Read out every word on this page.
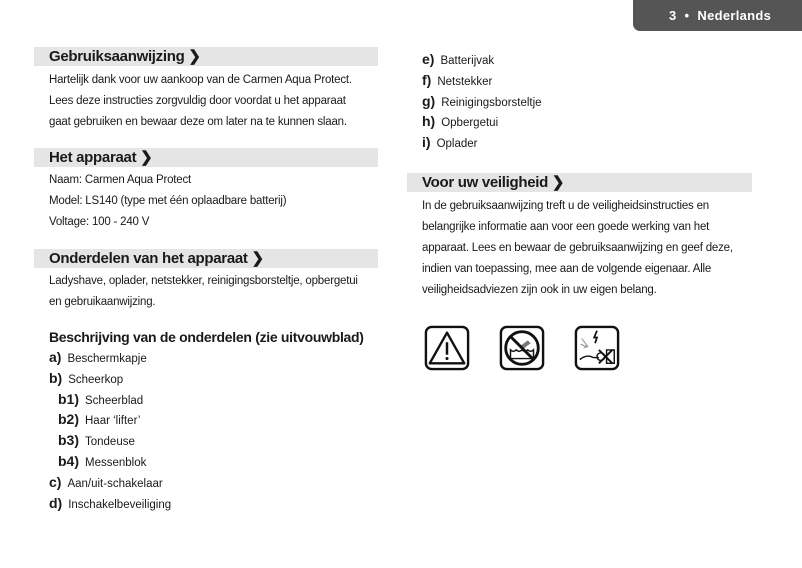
3 • Nederlands
Gebruiksaanwijzing ❯
Hartelijk dank voor uw aankoop van de Carmen Aqua Protect.
Lees deze instructies zorgvuldig door voordat u het apparaat
gaat gebruiken en bewaar deze om later na te kunnen slaan.
Het apparaat ❯
Naam: Carmen Aqua Protect
Model: LS140 (type met één oplaadbare batterij)
Voltage: 100 - 240 V
Onderdelen van het apparaat ❯
Ladyshave, oplader, netstekker, reinigingsborsteltje, opbergetui
en gebruikaanwijzing.
Beschrijving van de onderdelen (zie uitvouwblad)
a) Beschermkapje
b) Scheerkop
b1) Scheerblad
b2) Haar ‘lifter’
b3) Tondeuse
b4) Messenblok
c) Aan/uit-schakelaar
d) Inschakelbeveiliging
e) Batterijvak
f) Netstekker
g) Reinigingsborsteltje
h) Opbergetui
i) Oplader
Voor uw veiligheid ❯
In de gebruiksaanwijzing treft u de veiligheidsinstructies en
belangrijke informatie aan voor een goede werking van het
apparaat. Lees en bewaar de gebruiksaanwijzing en geef deze,
indien van toepassing, mee aan de volgende eigenaar. Alle
veiligheidsadviezen zijn ook in uw eigen belang.
